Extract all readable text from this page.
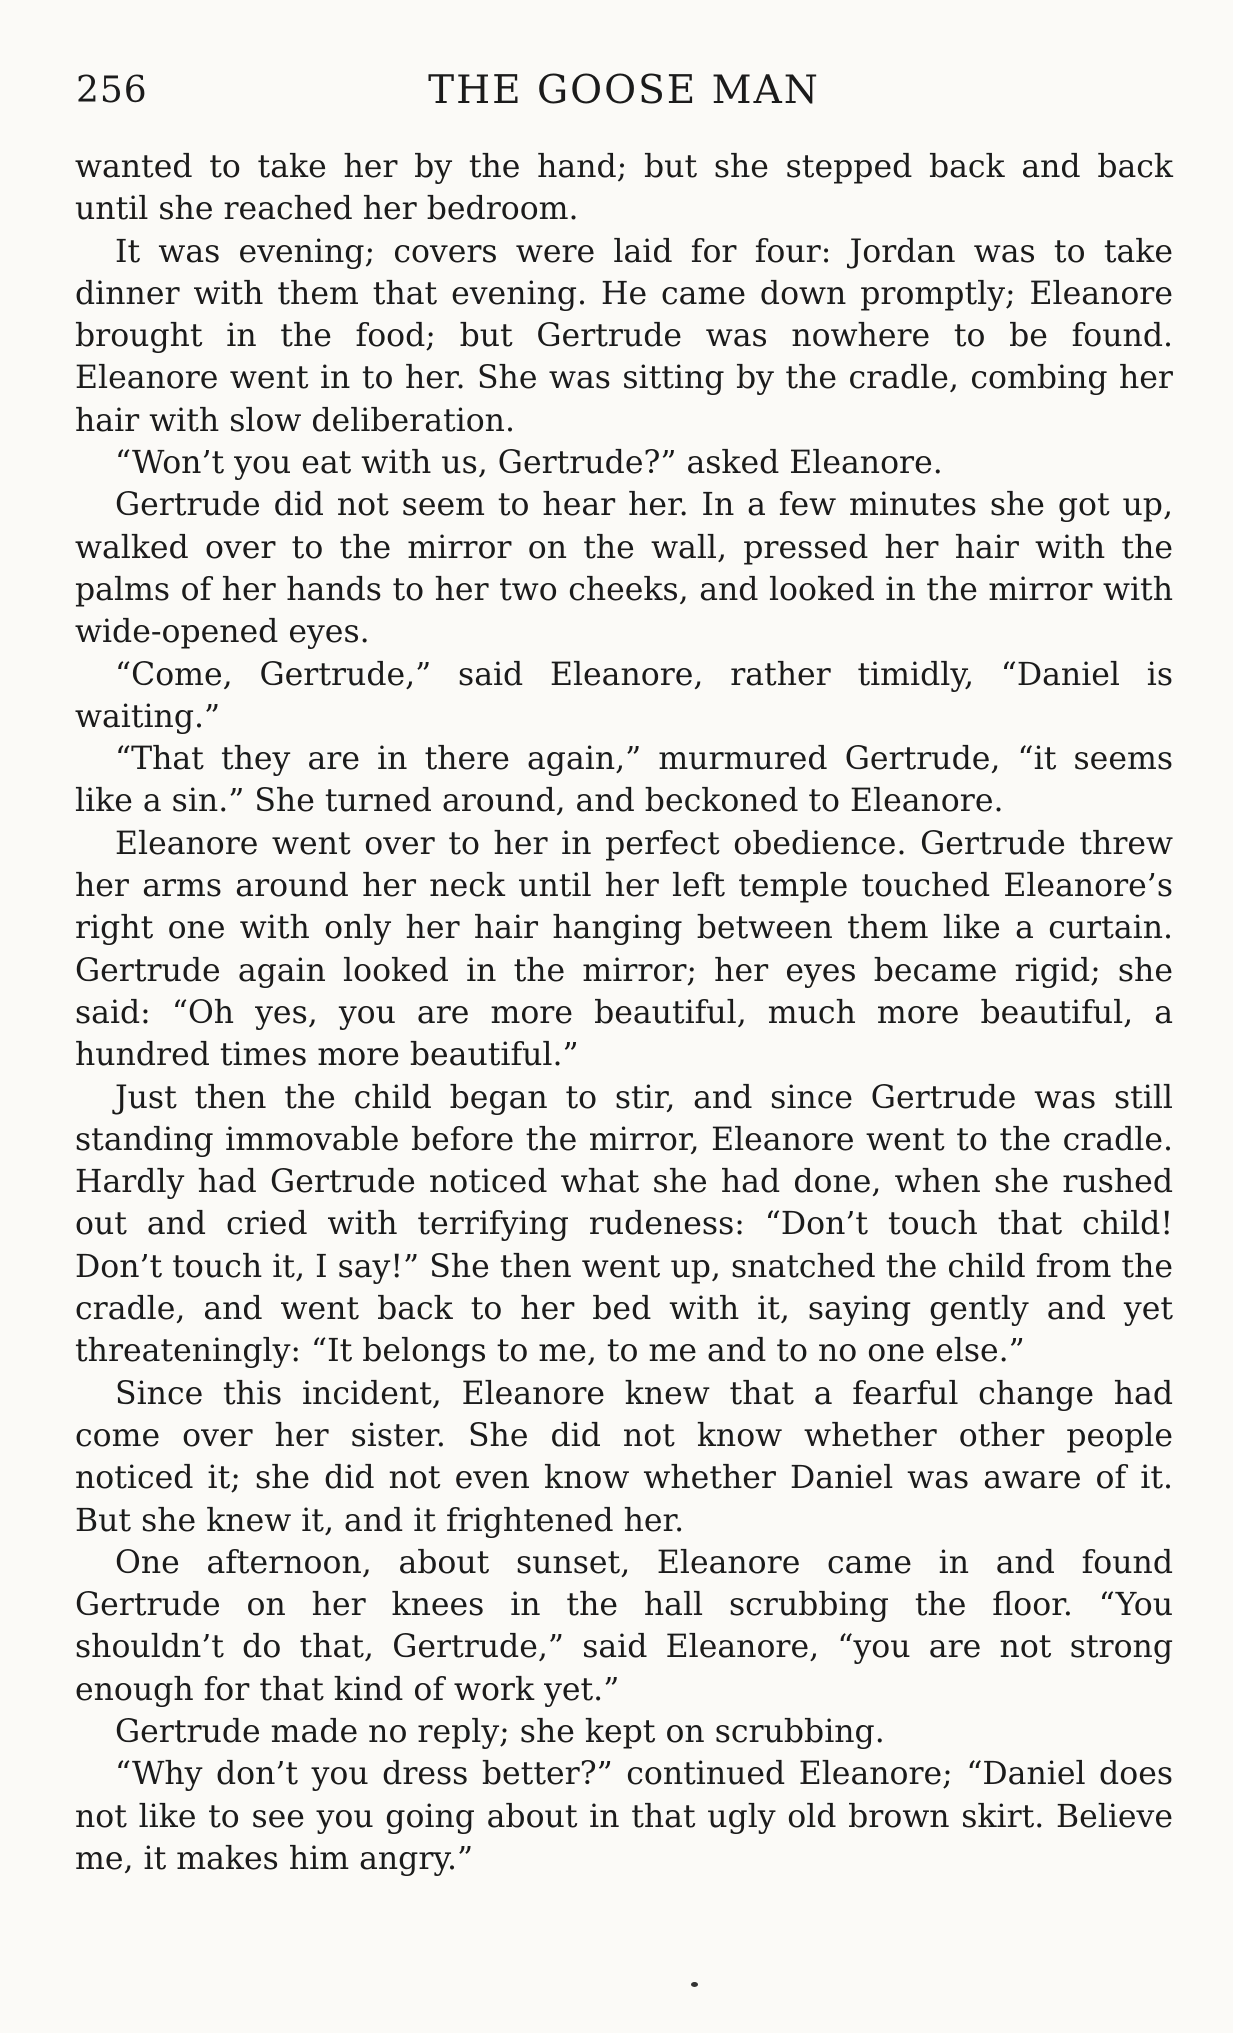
256	THE GOOSE MAN

wanted to take her by the hand; but she stepped back and back until she reached her bedroom.

It was evening; covers were laid for four: Jordan was to take dinner with them that evening. He came down promptly; Eleanore brought in the food; but Gertrude was nowhere to be found. Eleanore went in to her. She was sitting by the cradle, combing her hair with slow deliberation.

“Won’t you eat with us, Gertrude?” asked Eleanore.

Gertrude did not seem to hear her. In a few minutes she got up, walked over to the mirror on the wall, pressed her hair with the palms of her hands to her two cheeks, and looked in the mirror with wide-opened eyes.

“Come, Gertrude,” said Eleanore, rather timidly, “Daniel is waiting.”

“That they are in there again,” murmured Gertrude, “it seems like a sin.” She turned around, and beckoned to Eleanore.

Eleanore went over to her in perfect obedience. Gertrude threw her arms around her neck until her left temple touched Eleanore’s right one with only her hair hanging between them like a curtain. Gertrude again looked in the mirror; her eyes became rigid; she said: “Oh yes, you are more beautiful, much more beautiful, a hundred times more beautiful.”

Just then the child began to stir, and since Gertrude was still standing immovable before the mirror, Eleanore went to the cradle. Hardly had Gertrude noticed what she had done, when she rushed out and cried with terrifying rudeness: “Don’t touch that child! Don’t touch it, I say!” She then went up, snatched the child from the cradle, and went back to her bed with it, saying gently and yet threateningly: “It belongs to me, to me and to no one else.”

Since this incident, Eleanore knew that a fearful change had come over her sister. She did not know whether other people noticed it; she did not even know whether Daniel was aware of it. But she knew it, and it frightened her.

One afternoon, about sunset, Eleanore came in and found Gertrude on her knees in the hall scrubbing the floor. “You shouldn’t do that, Gertrude,” said Eleanore, “you are not strong enough for that kind of work yet.”

Gertrude made no reply; she kept on scrubbing.

“Why don’t you dress better?” continued Eleanore; “Daniel does not like to see you going about in that ugly old brown skirt. Believe me, it makes him angry.”
